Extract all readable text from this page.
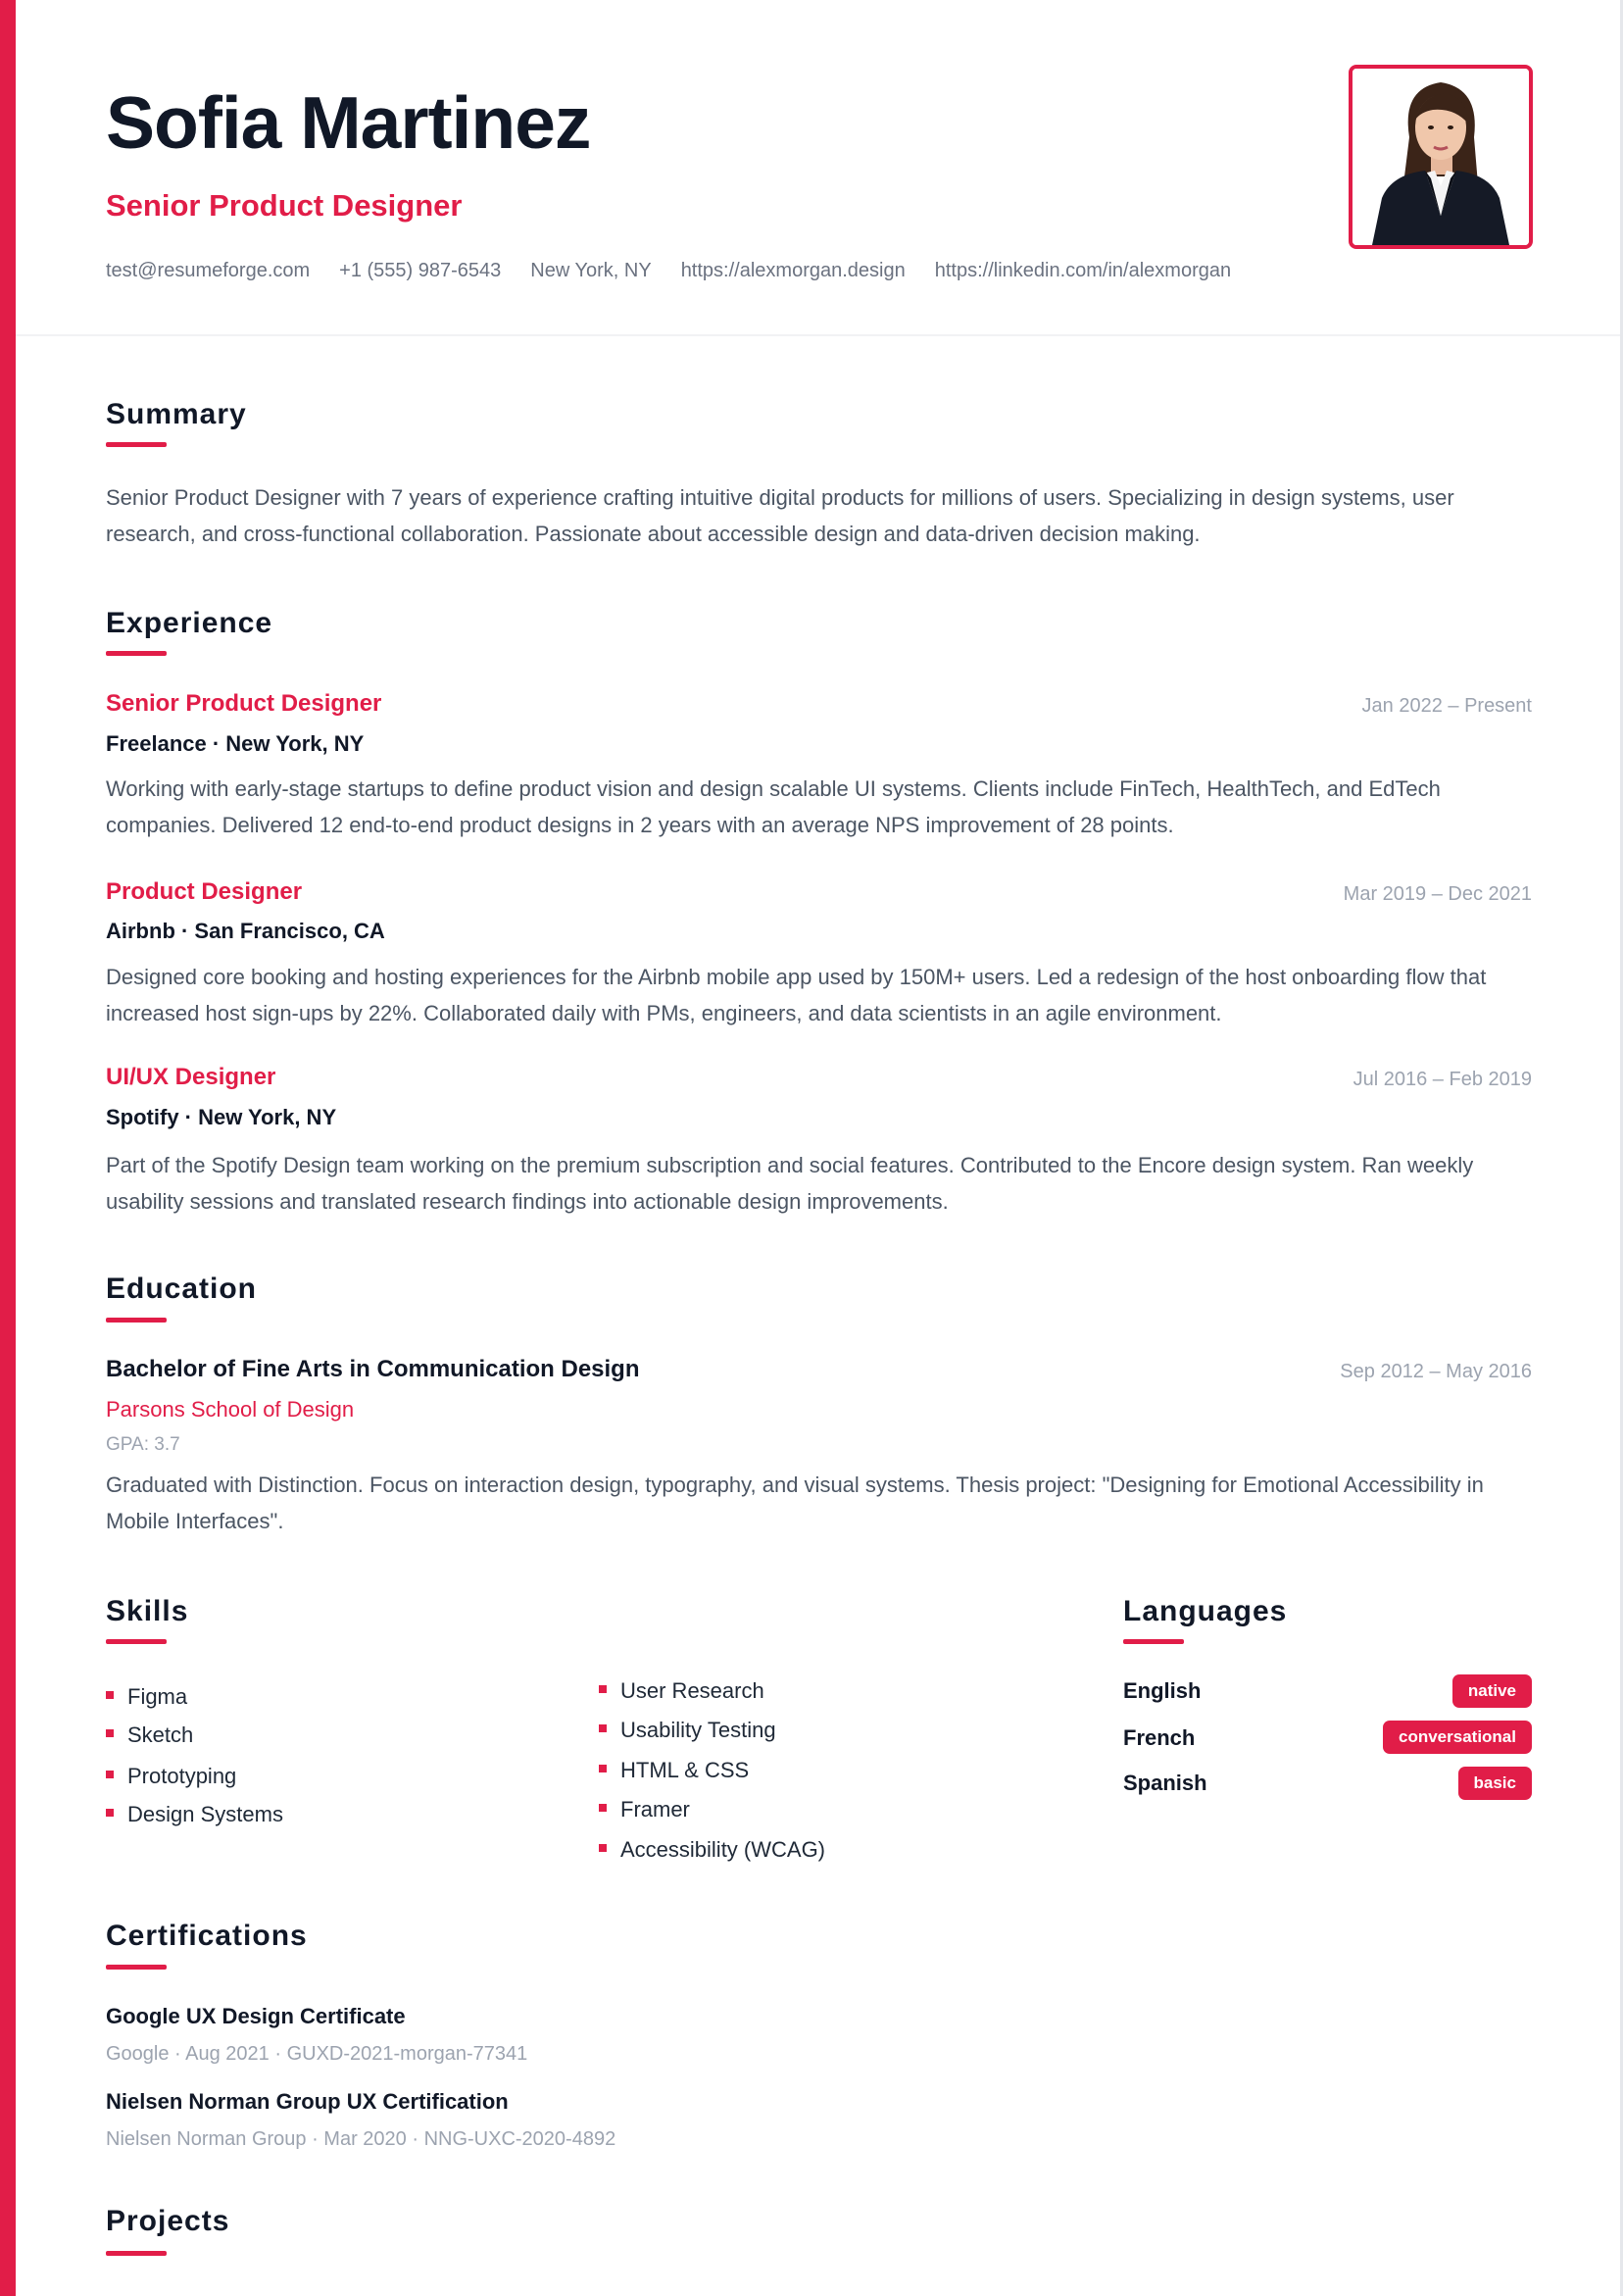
Sofia Martinez
Senior Product Designer
test@resumeforge.com +1 (555) 987-6543 New York, NY https://alexmorgan.design https://linkedin.com/in/alexmorgan
Summary
Senior Product Designer with 7 years of experience crafting intuitive digital products for millions of users. Specializing in design systems, user research, and cross-functional collaboration. Passionate about accessible design and data-driven decision making.
Experience
Senior Product Designer	Jan 2022 – Present
Freelance · New York, NY
Working with early-stage startups to define product vision and design scalable UI systems. Clients include FinTech, HealthTech, and EdTech companies. Delivered 12 end-to-end product designs in 2 years with an average NPS improvement of 28 points.
Product Designer	Mar 2019 – Dec 2021
Airbnb · San Francisco, CA
Designed core booking and hosting experiences for the Airbnb mobile app used by 150M+ users. Led a redesign of the host onboarding flow that increased host sign-ups by 22%. Collaborated daily with PMs, engineers, and data scientists in an agile environment.
UI/UX Designer	Jul 2016 – Feb 2019
Spotify · New York, NY
Part of the Spotify Design team working on the premium subscription and social features. Contributed to the Encore design system. Ran weekly usability sessions and translated research findings into actionable design improvements.
Education
Bachelor of Fine Arts in Communication Design	Sep 2012 – May 2016
Parsons School of Design
GPA: 3.7
Graduated with Distinction. Focus on interaction design, typography, and visual systems. Thesis project: "Designing for Emotional Accessibility in Mobile Interfaces".
Skills
Figma
Sketch
Prototyping
Design Systems
User Research
Usability Testing
HTML & CSS
Framer
Accessibility (WCAG)
Languages
English	native
French	conversational
Spanish	basic
Certifications
Google UX Design Certificate
Google · Aug 2021 · GUXD-2021-morgan-77341
Nielsen Norman Group UX Certification
Nielsen Norman Group · Mar 2020 · NNG-UXC-2020-4892
Projects
